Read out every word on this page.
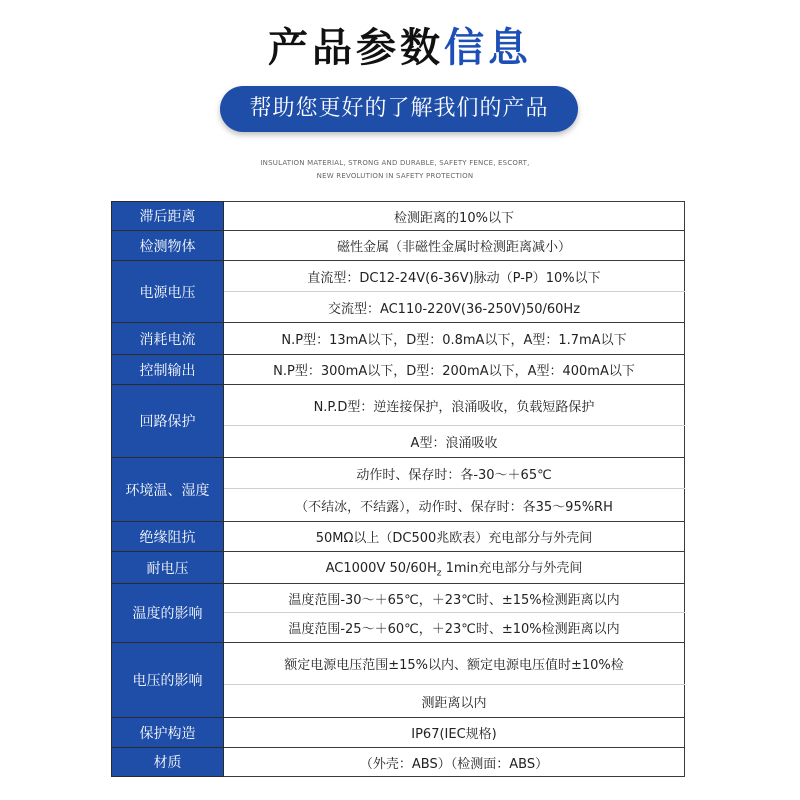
产品参数信息
帮助您更好的了解我们的产品
INSULATION MATERIAL, STRONG AND DURABLE, SAFETY FENCE, ESCORT,
NEW REVOLUTION IN SAFETY PROTECTION
滞后距离	检测距离的10%以下
检测物体	磁性金属（非磁性金属时检测距离减小）
电源电压	直流型：DC12-24V(6-36V)脉动（P-P）10%以下
	交流型：AC110-220V(36-250V)50/60Hz
消耗电流	N.P型：13mA以下，D型：0.8mA以下，A型：1.7mA以下
控制输出	N.P型：300mA以下，D型：200mA以下，A型：400mA以下
回路保护	N.P.D型：逆连接保护，浪涌吸收，负载短路保护
	A型：浪涌吸收
环境温、湿度	动作时、保存时：各-30～＋65℃
	（不结冰，不结露），动作时、保存时：各35～95%RH
绝缘阻抗	50MΩ以上（DC500兆欧表）充电部分与外壳间
耐电压	AC1000V $50/60H_z$ 1min充电部分与外壳间
温度的影响	温度范围-30～＋65℃，＋23℃时、±15%检测距离以内
	温度范围-25～＋60℃，＋23℃时、±10%检测距离以内
电压的影响	额定电源电压范围±15%以内、额定电源电压值时±10%检
	测距离以内
保护构造	IP67(IEC规格)
材质	（外壳：ABS）（检测面：ABS）
